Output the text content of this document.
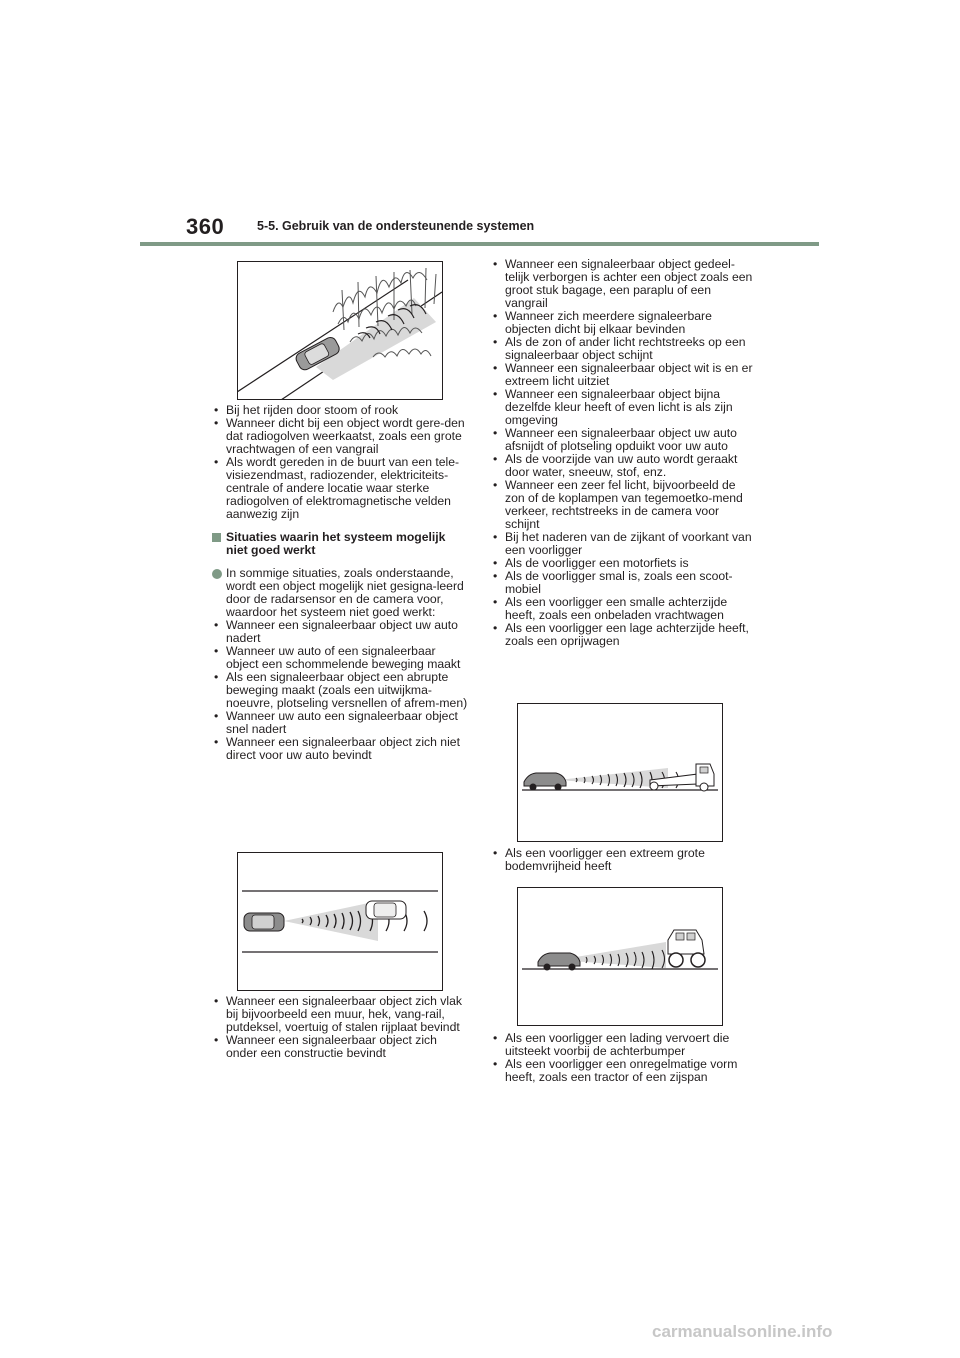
360	5-5. Gebruik van de ondersteunende systemen
• Bij het rijden door stoom of rook
• Wanneer dicht bij een object wordt gere-den dat radiogolven weerkaatst, zoals een grote vrachtwagen of een vangrail
• Als wordt gereden in de buurt van een tele-visiezendmast, radiozender, elektriciteits-centrale of andere locatie waar sterke radiogolven of elektromagnetische velden aanwezig zijn
Situaties waarin het systeem mogelijk niet goed werkt
In sommige situaties, zoals onderstaande, wordt een object mogelijk niet gesigna-leerd door de radarsensor en de camera voor, waardoor het systeem niet goed werkt:
• Wanneer een signaleerbaar object uw auto nadert
• Wanneer uw auto of een signaleerbaar object een schommelende beweging maakt
• Als een signaleerbaar object een abrupte beweging maakt (zoals een uitwijkma-noeuvre, plotseling versnellen of afrem-men)
• Wanneer uw auto een signaleerbaar object snel nadert
• Wanneer een signaleerbaar object zich niet direct voor uw auto bevindt
• Wanneer een signaleerbaar object zich vlak bij bijvoorbeeld een muur, hek, vang-rail, putdeksel, voertuig of stalen rijplaat bevindt
• Wanneer een signaleerbaar object zich onder een constructie bevindt
• Wanneer een signaleerbaar object gedeel-telijk verborgen is achter een object zoals een groot stuk bagage, een paraplu of een vangrail
• Wanneer zich meerdere signaleerbare objecten dicht bij elkaar bevinden
• Als de zon of ander licht rechtstreeks op een signaleerbaar object schijnt
• Wanneer een signaleerbaar object wit is en er extreem licht uitziet
• Wanneer een signaleerbaar object bijna dezelfde kleur heeft of even licht is als zijn omgeving
• Wanneer een signaleerbaar object uw auto afsnijdt of plotseling opduikt voor uw auto
• Als de voorzijde van uw auto wordt geraakt door water, sneeuw, stof, enz.
• Wanneer een zeer fel licht, bijvoorbeeld de zon of de koplampen van tegemoetko-mend verkeer, rechtstreeks in de camera voor schijnt
• Bij het naderen van de zijkant of voorkant van een voorligger
• Als de voorligger een motorfiets is
• Als de voorligger smal is, zoals een scoot-mobiel
• Als een voorligger een smalle achterzijde heeft, zoals een onbeladen vrachtwagen
• Als een voorligger een lage achterzijde heeft, zoals een oprijwagen
• Als een voorligger een extreem grote bodemvrijheid heeft
• Als een voorligger een lading vervoert die uitsteekt voorbij de achterbumper
• Als een voorligger een onregelmatige vorm heeft, zoals een tractor of een zijspan
carmanualsonline.info
